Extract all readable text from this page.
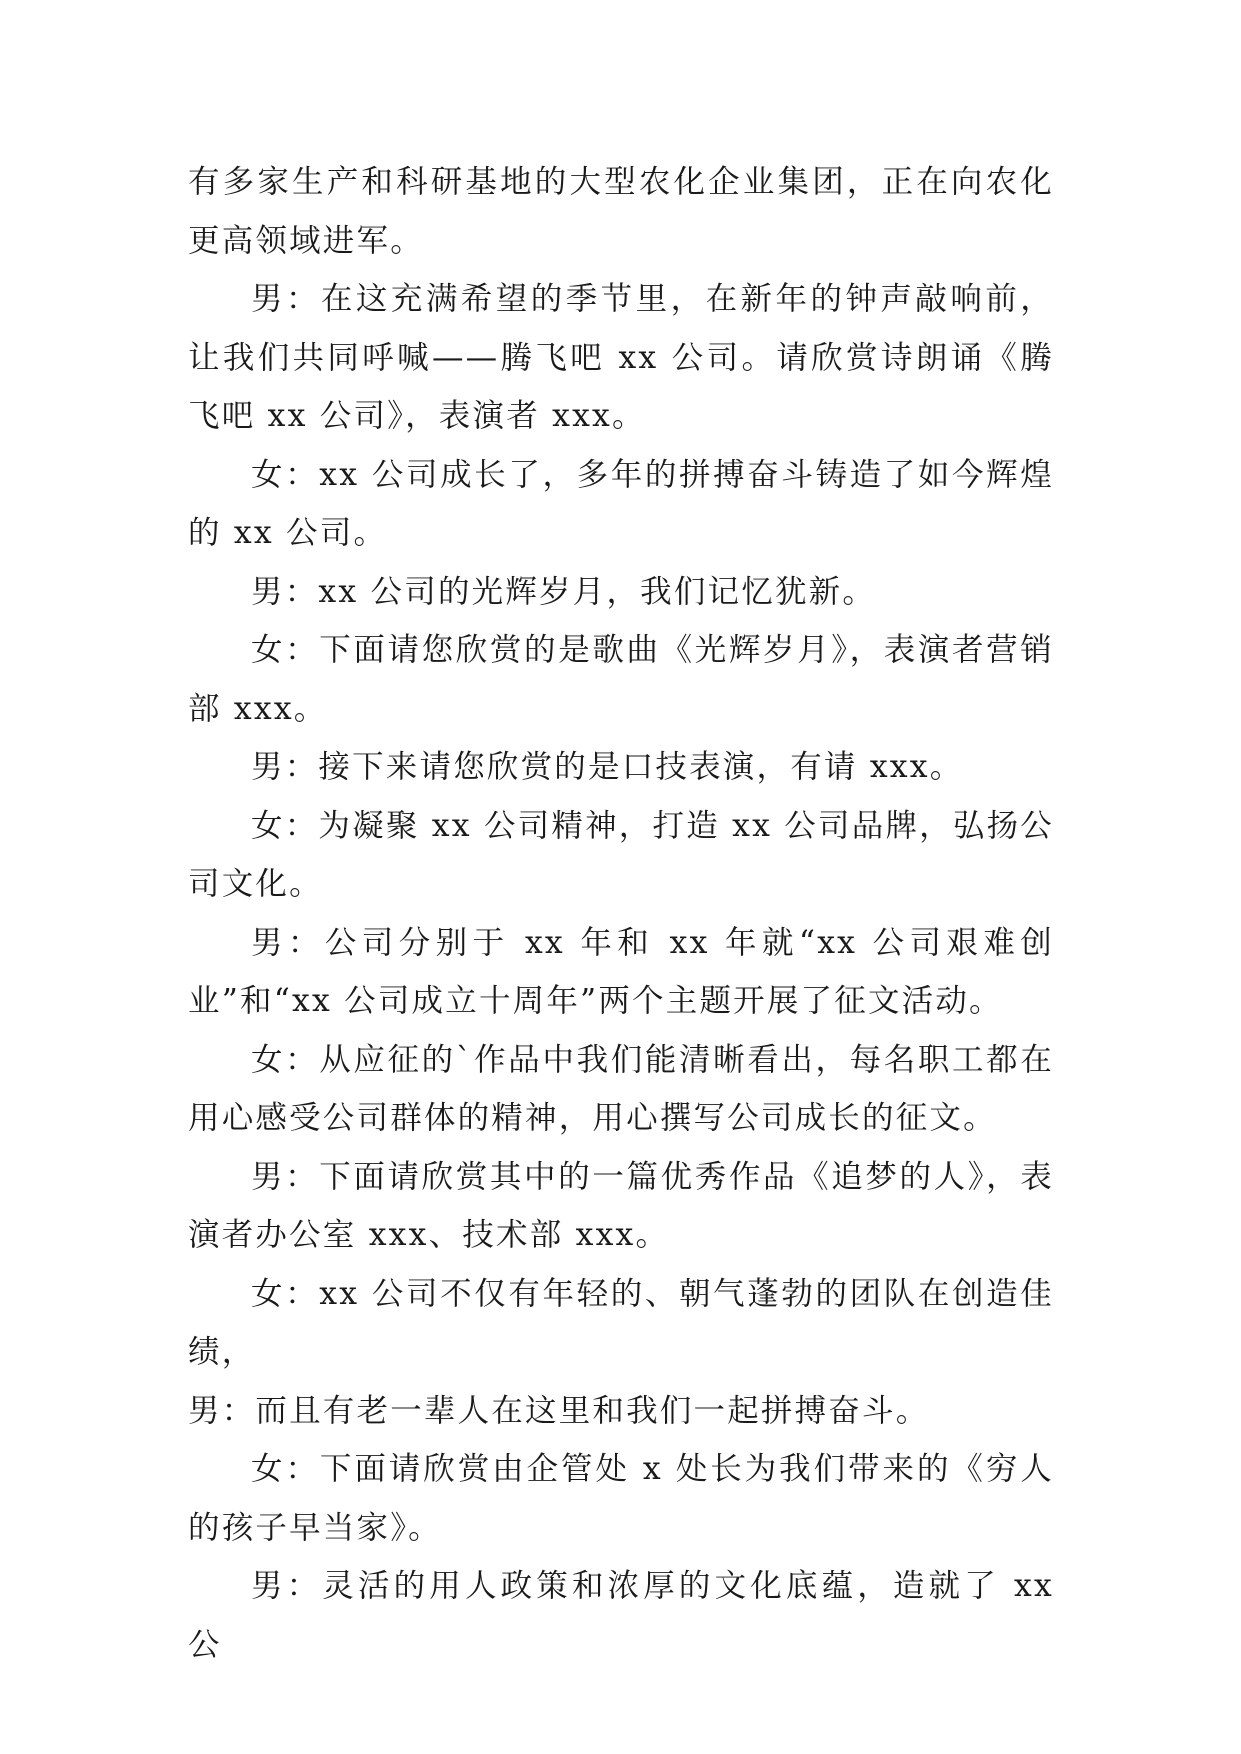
有多家生产和科研基地的大型农化企业集团，正在向农化更高领域进军。

男：在这充满希望的季节里，在新年的钟声敲响前，让我们共同呼喊——腾飞吧 xx 公司。请欣赏诗朗诵《腾飞吧 xx 公司》，表演者 xxx。

女：xx 公司成长了，多年的拼搏奋斗铸造了如今辉煌的 xx 公司。

男：xx 公司的光辉岁月，我们记忆犹新。

女：下面请您欣赏的是歌曲《光辉岁月》，表演者营销部 xxx。

男：接下来请您欣赏的是口技表演，有请 xxx。

女：为凝聚 xx 公司精神，打造 xx 公司品牌，弘扬公司文化。

男：公司分别于 xx 年和 xx 年就“xx 公司艰难创业”和“xx 公司成立十周年”两个主题开展了征文活动。

女：从应征的`作品中我们能清晰看出，每名职工都在用心感受公司群体的精神，用心撰写公司成长的征文。

男：下面请欣赏其中的一篇优秀作品《追梦的人》，表演者办公室 xxx、技术部 xxx。

女：xx 公司不仅有年轻的、朝气蓬勃的团队在创造佳绩，

男：而且有老一辈人在这里和我们一起拼搏奋斗。

女：下面请欣赏由企管处 x 处长为我们带来的《穷人的孩子早当家》。

男：灵活的用人政策和浓厚的文化底蕴，造就了 xx 公
